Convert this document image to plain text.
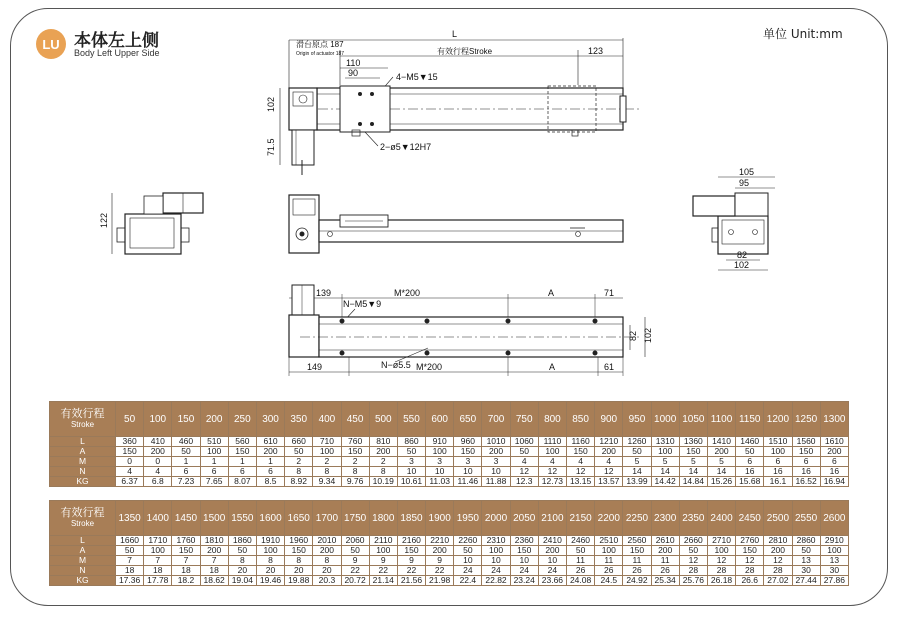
LU 本体左上侧
Body Left Upper Side
单位 Unit:mm
L
滑台原点 187
Origin of actuator 187	有效行程Stroke	123
110
90	4−M5▼15
102
71.5	2−ø5▼12H7
122
105
95
82
102
139
N−M5▼9
M*200	A	71
82 102
149	N−ø5.5 M*200	A	61
有效行程
Stroke	50	100	150	200	250	300	350	400	450	500	550	600	650	700	750	800	850	900	950	1000	1050	1100	1150	1200	1250	1300
L	360	410	460	510	560	610	660	710	760	810	860	910	960	1010	1060	1110	1160	1210	1260	1310	1360	1410	1460	1510	1560	1610
A	150	200	50	100	150	200	50	100	150	200	50	100	150	200	50	100	150	200	50	100	150	200	50	100	150	200
M	0	0	1	1	1	1	2	2	2	2	3	3	3	3	4	4	4	4	5	5	5	5	6	6	6	6
N	4	4	6	6	6	6	8	8	8	8	10	10	10	10	12	12	12	12	14	14	14	14	16	16	16	16
KG	6.37	6.8	7.23	7.65	8.07	8.5	8.92	9.34	9.76	10.19	10.61	11.03	11.46	11.88	12.3	12.73	13.15	13.57	13.99	14.42	14.84	15.26	15.68	16.1	16.52	16.94
有效行程
Stroke	1350	1400	1450	1500	1550	1600	1650	1700	1750	1800	1850	1900	1950	2000	2050	2100	2150	2200	2250	2300	2350	2400	2450	2500	2550	2600
L	1660	1710	1760	1810	1860	1910	1960	2010	2060	2110	2160	2210	2260	2310	2360	2410	2460	2510	2560	2610	2660	2710	2760	2810	2860	2910
A	50	100	150	200	50	100	150	200	50	100	150	200	50	100	150	200	50	100	150	200	50	100	150	200	50	100
M	7	7	7	7	8	8	8	8	9	9	9	9	10	10	10	10	11	11	11	11	12	12	12	12	13	13
N	18	18	18	18	20	20	20	20	22	22	22	22	24	24	24	24	26	26	26	26	28	28	28	28	30	30
KG	17.36	17.78	18.2	18.62	19.04	19.46	19.88	20.3	20.72	21.14	21.56	21.98	22.4	22.82	23.24	23.66	24.08	24.5	24.92	25.34	25.76	26.18	26.6	27.02	27.44	27.86
